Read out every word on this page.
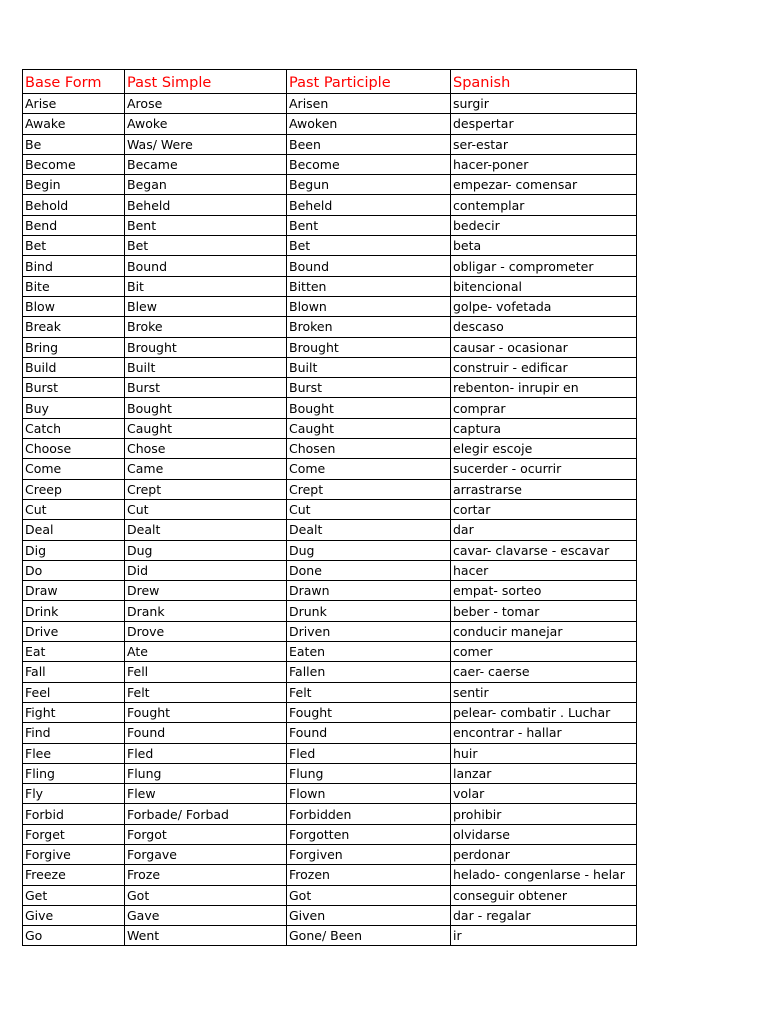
Base Form	Past Simple	Past Participle	Spanish
Arise	Arose	Arisen	surgir
Awake	Awoke	Awoken	despertar
Be	Was/ Were	Been	ser-estar
Become	Became	Become	hacer-poner
Begin	Began	Begun	empezar- comensar
Behold	Beheld	Beheld	contemplar
Bend	Bent	Bent	bedecir
Bet	Bet	Bet	beta
Bind	Bound	Bound	obligar - comprometer
Bite	Bit	Bitten	bitencional
Blow	Blew	Blown	golpe- vofetada
Break	Broke	Broken	descaso
Bring	Brought	Brought	causar - ocasionar
Build	Built	Built	construir - edificar
Burst	Burst	Burst	rebenton- inrupir en
Buy	Bought	Bought	comprar
Catch	Caught	Caught	captura
Choose	Chose	Chosen	elegir escoje
Come	Came	Come	sucerder - ocurrir
Creep	Crept	Crept	arrastrarse
Cut	Cut	Cut	cortar
Deal	Dealt	Dealt	dar
Dig	Dug	Dug	cavar- clavarse - escavar
Do	Did	Done	hacer
Draw	Drew	Drawn	empat- sorteo
Drink	Drank	Drunk	beber - tomar
Drive	Drove	Driven	conducir manejar
Eat	Ate	Eaten	comer
Fall	Fell	Fallen	caer- caerse
Feel	Felt	Felt	sentir
Fight	Fought	Fought	pelear- combatir . Luchar
Find	Found	Found	encontrar - hallar
Flee	Fled	Fled	huir
Fling	Flung	Flung	lanzar
Fly	Flew	Flown	volar
Forbid	Forbade/ Forbad	Forbidden	prohibir
Forget	Forgot	Forgotten	olvidarse
Forgive	Forgave	Forgiven	perdonar
Freeze	Froze	Frozen	helado- congenlarse - helar
Get	Got	Got	conseguir obtener
Give	Gave	Given	dar - regalar
Go	Went	Gone/ Been	ir
